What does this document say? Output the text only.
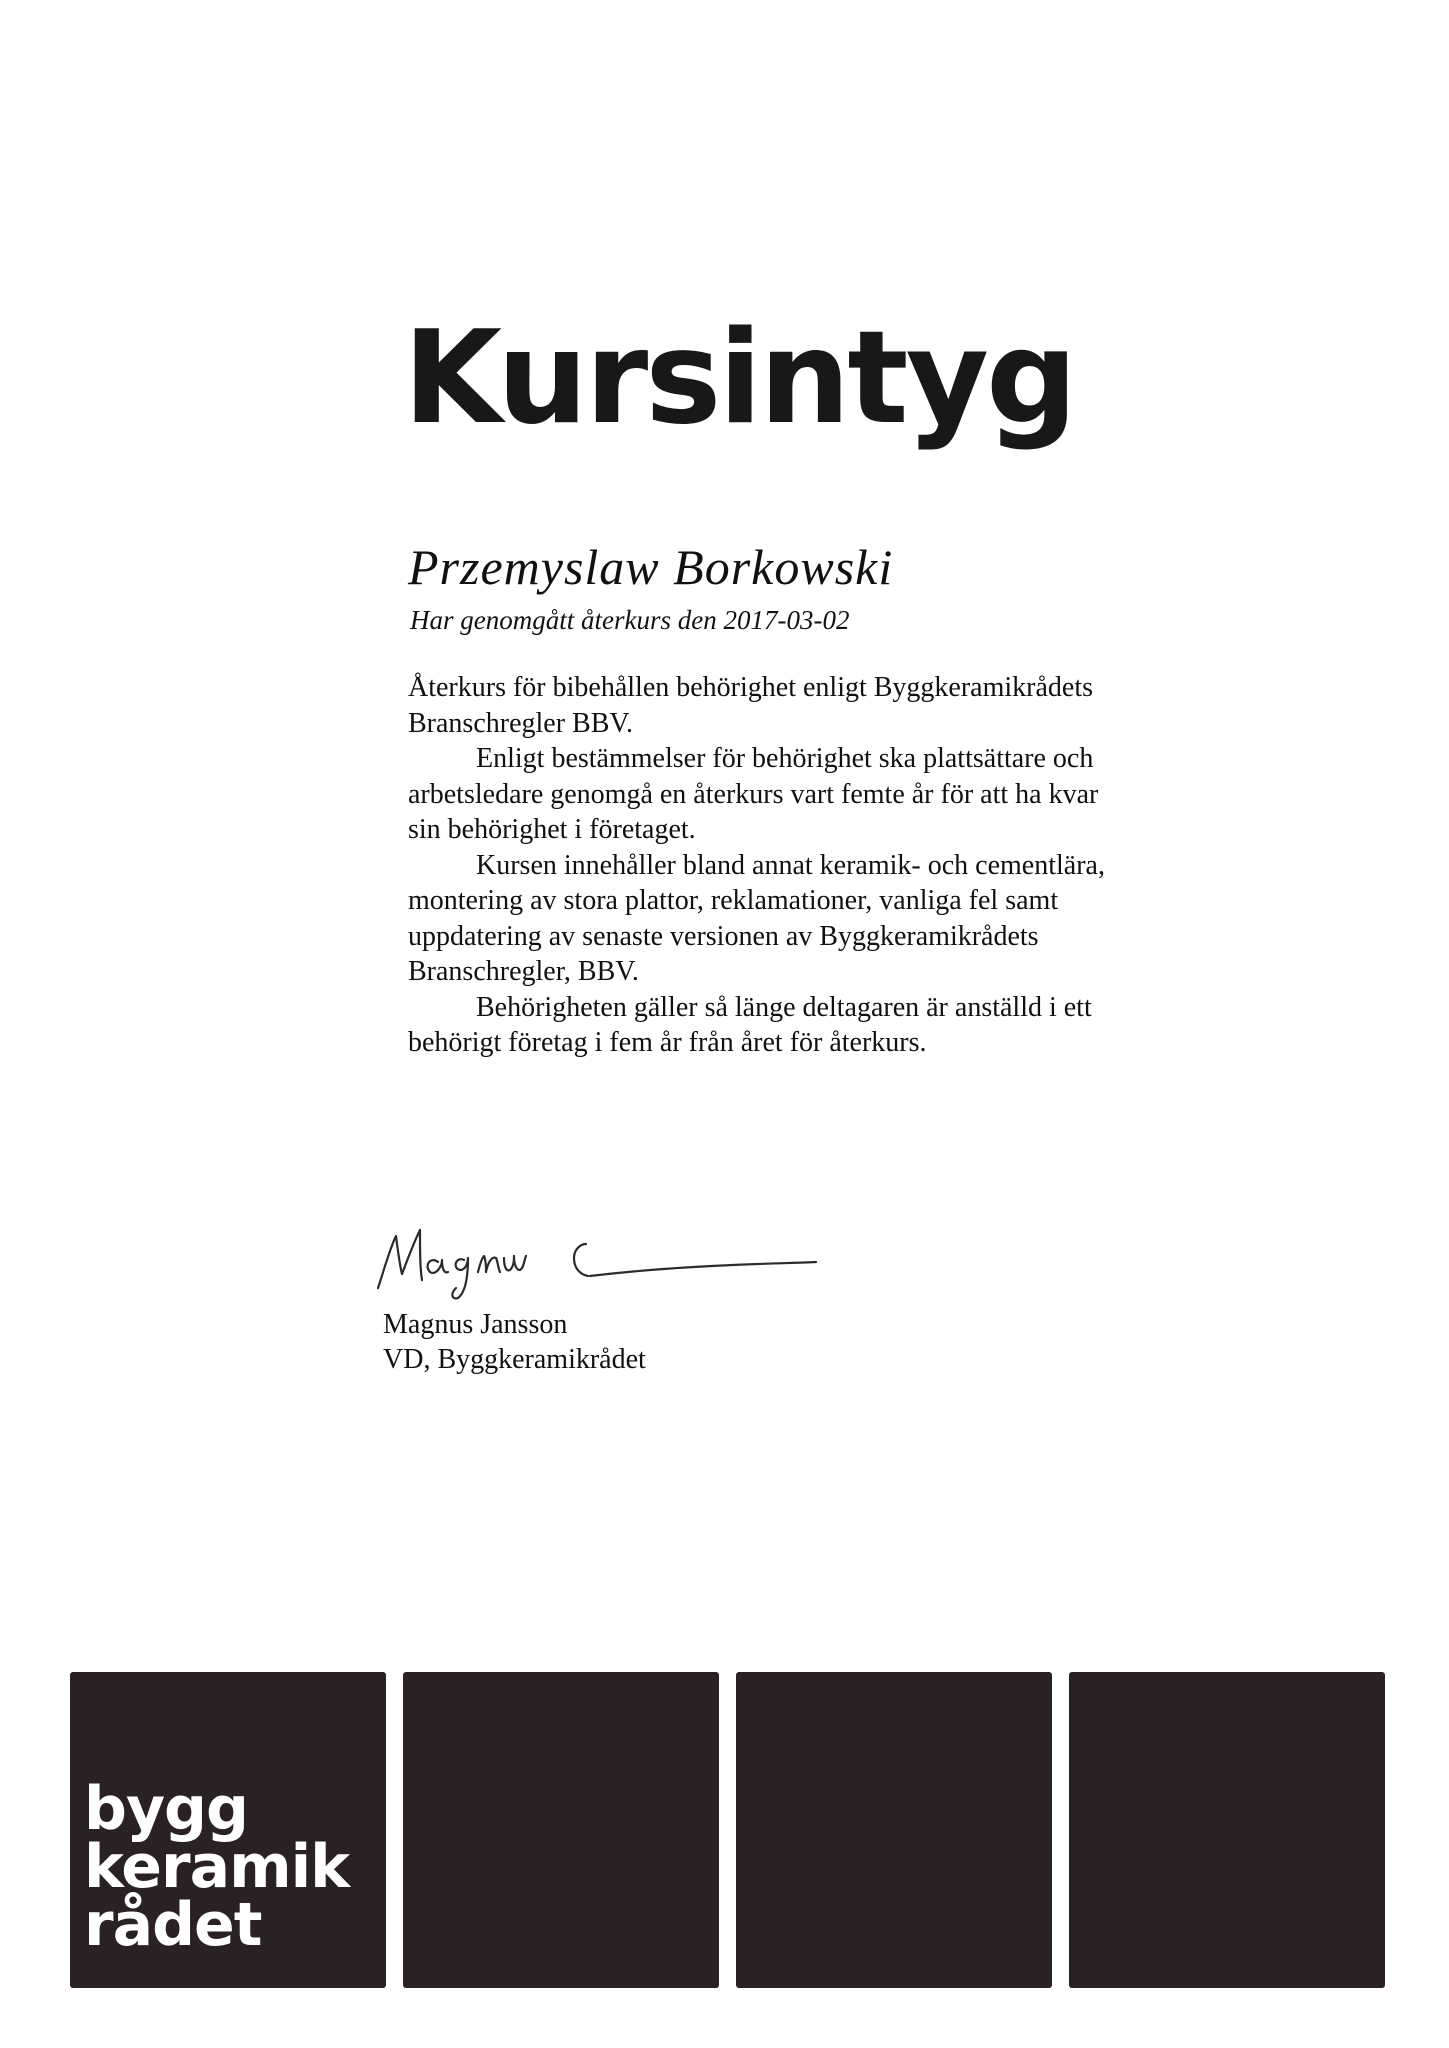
Kursintyg
Przemyslaw Borkowski
Har genomgått återkurs den 2017-03-02

Återkurs för bibehållen behörighet enligt Byggkeramikrådets Branschregler BBV.

Enligt bestämmelser för behörighet ska plattsättare och arbetsledare genomgå en återkurs vart femte år för att ha kvar sin behörighet i företaget.

Kursen innehåller bland annat keramik- och cementlära, montering av stora plattor, reklamationer, vanliga fel samt uppdatering av senaste versionen av Byggkeramikrådets Branschregler, BBV.

Behörigheten gäller så länge deltagaren är anställd i ett behörigt företag i fem år från året för återkurs.

Magnus Jansson
VD, Byggkeramikrådet
bygg
keramik
rådet
